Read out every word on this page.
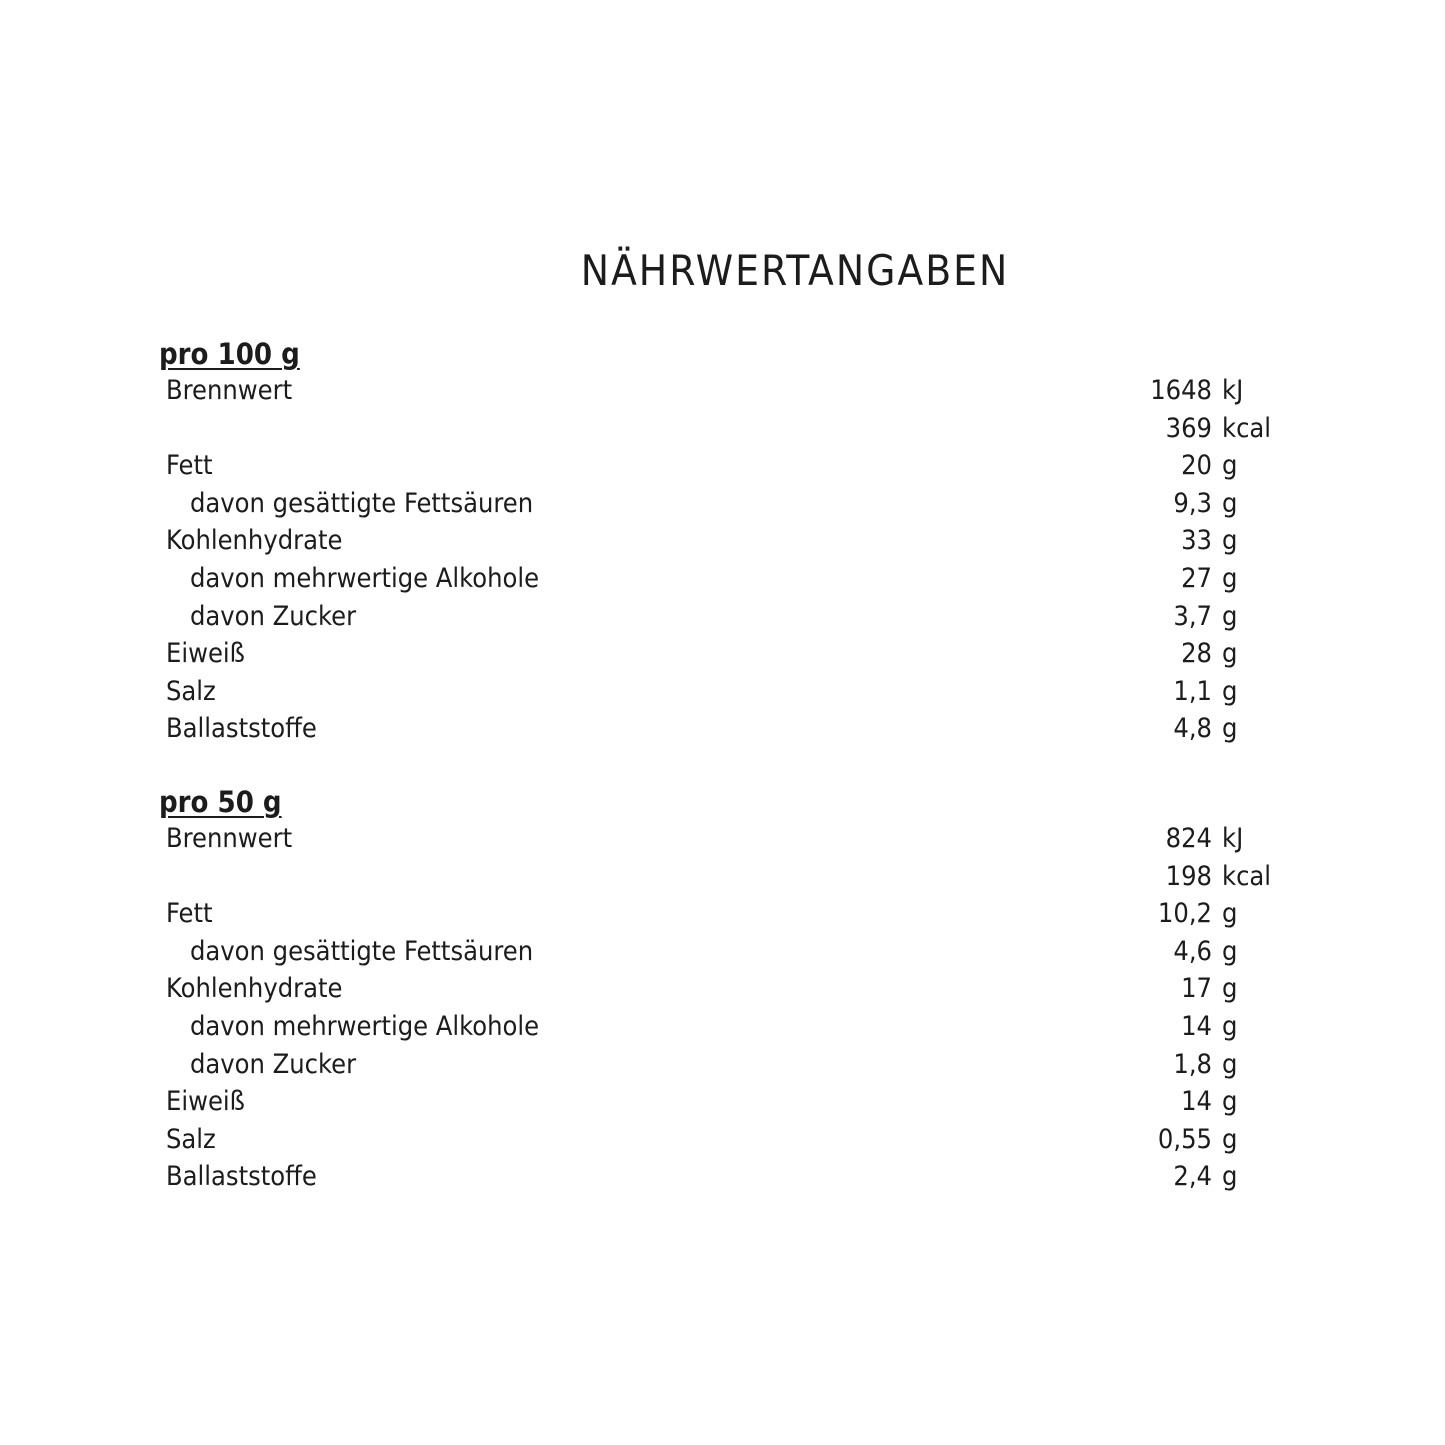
NÄHRWERTANGABEN
pro 100 g
Brennwert	1648 kJ
369 kcal
Fett	20 g
davon gesättigte Fettsäuren	9,3 g
Kohlenhydrate	33 g
davon mehrwertige Alkohole	27 g
davon Zucker	3,7 g
Eiweiß	28 g
Salz	1,1 g
Ballaststoffe	4,8 g
pro 50 g
Brennwert	824 kJ
198 kcal
Fett	10,2 g
davon gesättigte Fettsäuren	4,6 g
Kohlenhydrate	17 g
davon mehrwertige Alkohole	14 g
davon Zucker	1,8 g
Eiweiß	14 g
Salz	0,55 g
Ballaststoffe	2,4 g
